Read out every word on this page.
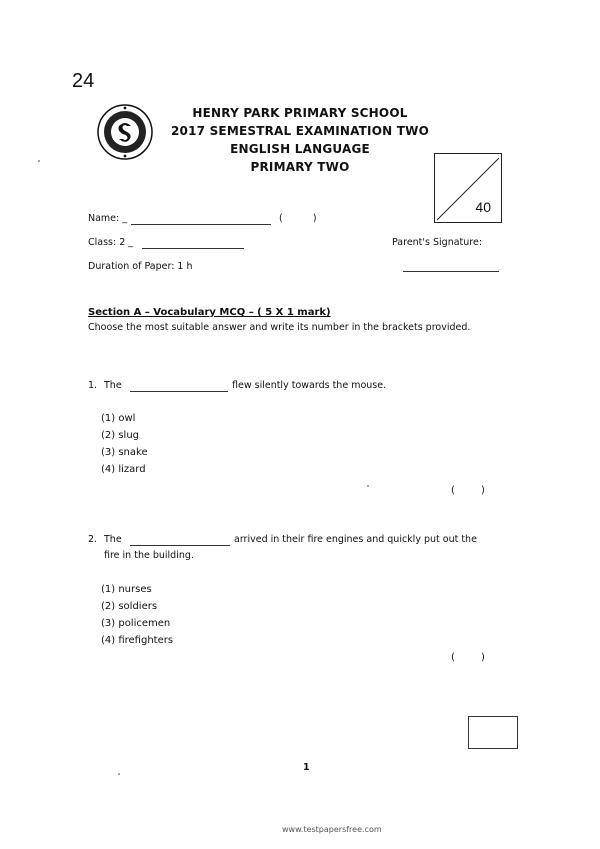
24
HENRY PARK PRIMARY SCHOOL
2017 SEMESTRAL EXAMINATION TWO
ENGLISH LANGUAGE
PRIMARY TWO
40
Name: _	(          )
Class: 2 _	Parent's Signature:
Duration of Paper: 1 h
Section A – Vocabulary MCQ – ( 5 X 1 mark)
Choose the most suitable answer and write its number in the brackets provided.
1. The	flew silently towards the mouse.
(1) owl
(2) slug
(3) snake
(4) lizard
(      )
2. The	arrived in their fire engines and quickly put out the
fire in the building.
(1) nurses
(2) soldiers
(3) policemen
(4) firefighters
(      )
1
www.testpapersfree.com
